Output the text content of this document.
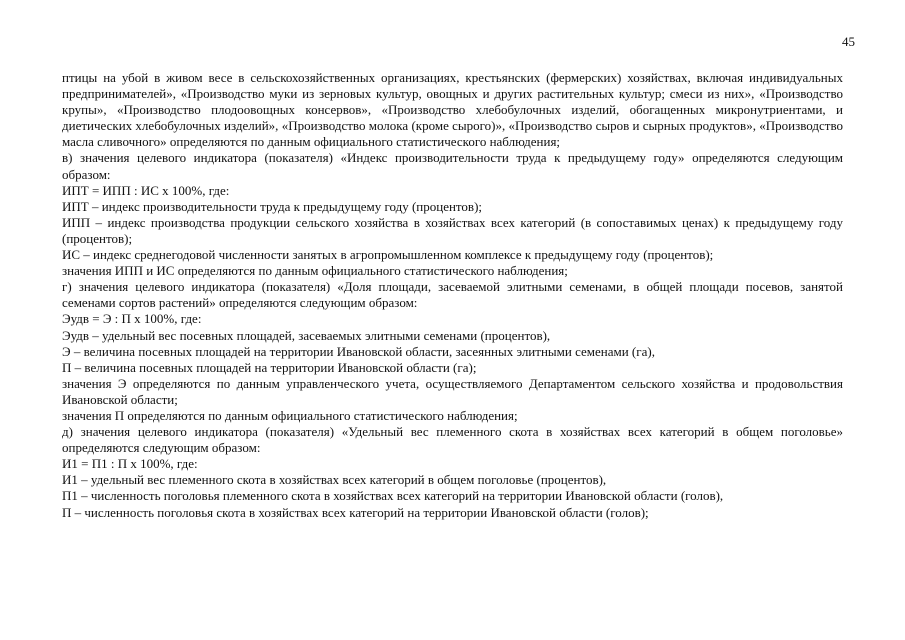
45

птицы на убой в живом весе в сельскохозяйственных организациях, крестьянских (фермерских) хозяйствах, включая индивидуальных предпринимателей», «Производство муки из зерновых культур, овощных и других растительных культур; смеси из них», «Производство крупы», «Производство плодоовощных консервов», «Производство хлебобулочных изделий, обогащенных микронутриентами, и диетических хлебобулочных изделий», «Производство молока (кроме сырого)», «Производство сыров и сырных продуктов», «Производство масла сливочного» определяются по данным официального статистического наблюдения;

в) значения целевого индикатора (показателя) «Индекс производительности труда к предыдущему году» определяются следующим образом:

ИПТ = ИПП : ИС х 100%, где:

ИПТ – индекс производительности труда к предыдущему году (процентов);

ИПП – индекс производства продукции сельского хозяйства в хозяйствах всех категорий (в сопоставимых ценах) к предыдущему году (процентов);

ИС – индекс среднегодовой численности занятых в агропромышленном комплексе к предыдущему году (процентов);

значения ИПП и ИС определяются по данным официального статистического наблюдения;

г) значения целевого индикатора (показателя) «Доля площади, засеваемой элитными семенами, в общей площади посевов, занятой семенами сортов растений» определяются следующим образом:

Эудв = Э : П х 100%, где:

Эудв – удельный вес посевных площадей, засеваемых элитными семенами (процентов),

Э – величина посевных площадей на территории Ивановской области, засеянных элитными семенами (га),

П – величина посевных площадей на территории Ивановской области (га);

значения Э определяются по данным управленческого учета, осуществляемого Департаментом сельского хозяйства и продовольствия Ивановской области;

значения П определяются по данным официального статистического наблюдения;

д) значения целевого индикатора (показателя) «Удельный вес племенного скота в хозяйствах всех категорий в общем поголовье» определяются следующим образом:

И1 = П1 : П х 100%, где:

И1 – удельный вес племенного скота в хозяйствах всех категорий в общем поголовье (процентов),

П1 – численность поголовья племенного скота в хозяйствах всех категорий на территории Ивановской области (голов),

П – численность поголовья скота в хозяйствах всех категорий на территории Ивановской области (голов);
